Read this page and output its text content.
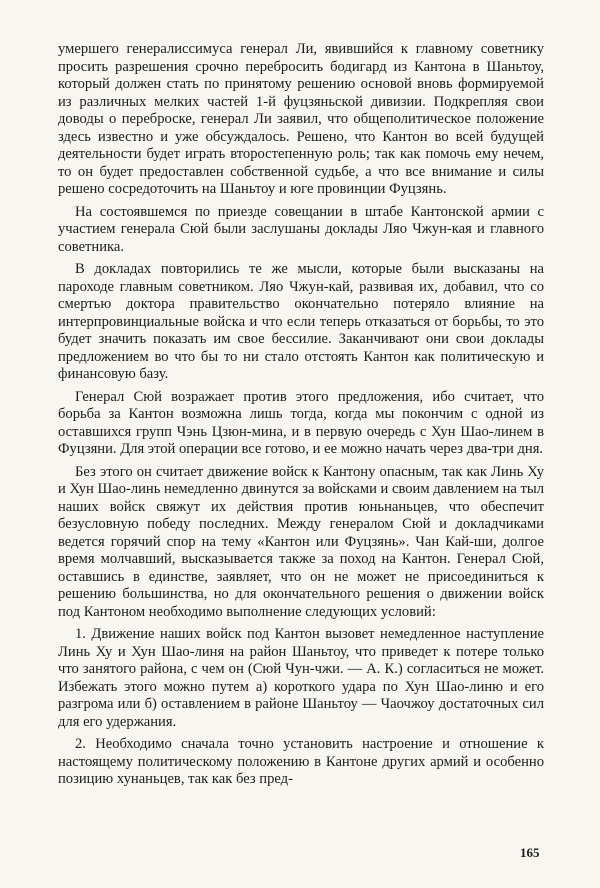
умершего генералиссимуса генерал Ли, явившийся к главному советнику просить разрешения срочно перебросить бодигард из Кантона в Шаньтоу, который должен стать по принятому решению основой вновь формируемой из различных мелких частей 1-й фуцзяньской дивизии. Подкрепляя свои доводы о переброске, генерал Ли заявил, что общеполитическое положение здесь известно и уже обсуждалось. Решено, что Кантон во всей будущей деятельности будет играть второстепенную роль; так как помочь ему нечем, то он будет предоставлен собственной судьбе, а что все внимание и силы решено сосредоточить на Шаньтоу и юге провинции Фуцзянь.

На состоявшемся по приезде совещании в штабе Кантонской армии с участием генерала Сюй были заслушаны доклады Ляо Чжун-кая и главного советника.

В докладах повторились те же мысли, которые были высказаны на пароходе главным советником. Ляо Чжун-кай, развивая их, добавил, что со смертью доктора правительство окончательно потеряло влияние на интерпровинциальные войска и что если теперь отказаться от борьбы, то это будет значить показать им свое бессилие. Заканчивают они свои доклады предложением во что бы то ни стало отстоять Кантон как политическую и финансовую базу.

Генерал Сюй возражает против этого предложения, ибо считает, что борьба за Кантон возможна лишь тогда, когда мы покончим с одной из оставшихся групп Чэнь Цзюн-мина, и в первую очередь с Хун Шао-линем в Фуцзяни. Для этой операции все готово, и ее можно начать через два-три дня.

Без этого он считает движение войск к Кантону опасным, так как Линь Ху и Хун Шао-линь немедленно двинутся за войсками и своим давлением на тыл наших войск свяжут их действия против юньнаньцев, что обеспечит безусловную победу последних. Между генералом Сюй и докладчиками ведется горячий спор на тему «Кантон или Фуцзянь». Чан Кай-ши, долгое время молчавший, высказывается также за поход на Кантон. Генерал Сюй, оставшись в единстве, заявляет, что он не может не присоединиться к решению большинства, но для окончательного решения о движении войск под Кантоном необходимо выполнение следующих условий:

1. Движение наших войск под Кантон вызовет немедленное наступление Линь Ху и Хун Шао-линя на район Шаньтоу, что приведет к потере только что занятого района, с чем он (Сюй Чун-чжи. — А. К.) согласиться не может. Избежать этого можно путем а) короткого удара по Хун Шао-линю и его разгрома или б) оставлением в районе Шаньтоу — Чаочжоу достаточных сил для его удержания.

2. Необходимо сначала точно установить настроение и отношение к настоящему политическому положению в Кантоне других армий и особенно позицию хунаньцев, так как без пред-

165
